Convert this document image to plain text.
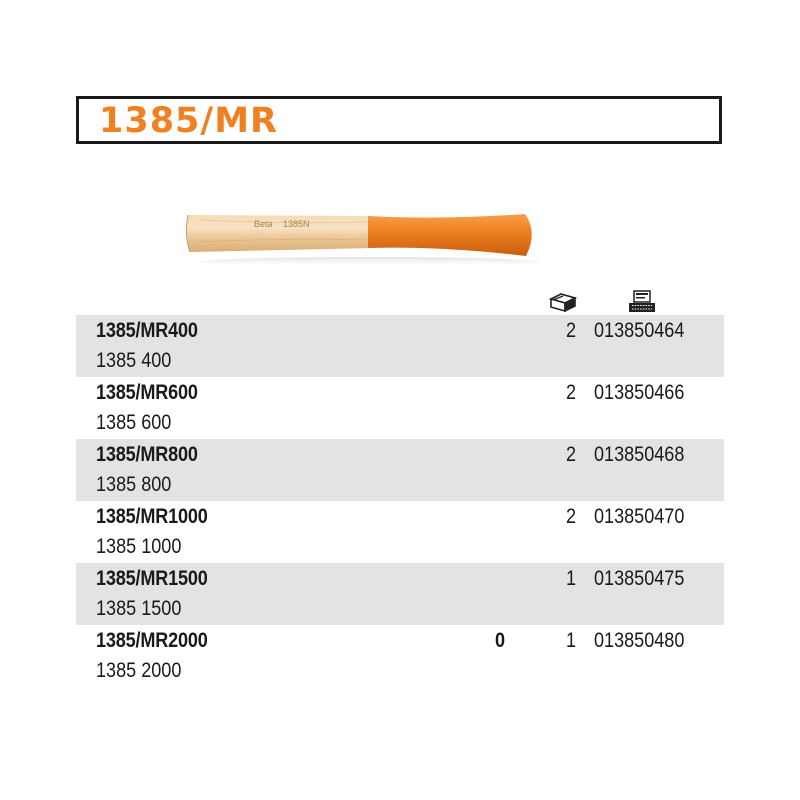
1385/MR
Beta 1385N
1385/MR400
1385 400
2 013850464
1385/MR600
1385 600
2 013850466
1385/MR800
1385 800
2 013850468
1385/MR1000
1385 1000
2 013850470
1385/MR1500
1385 1500
1 013850475
1385/MR2000
1385 2000
0	1 013850480
